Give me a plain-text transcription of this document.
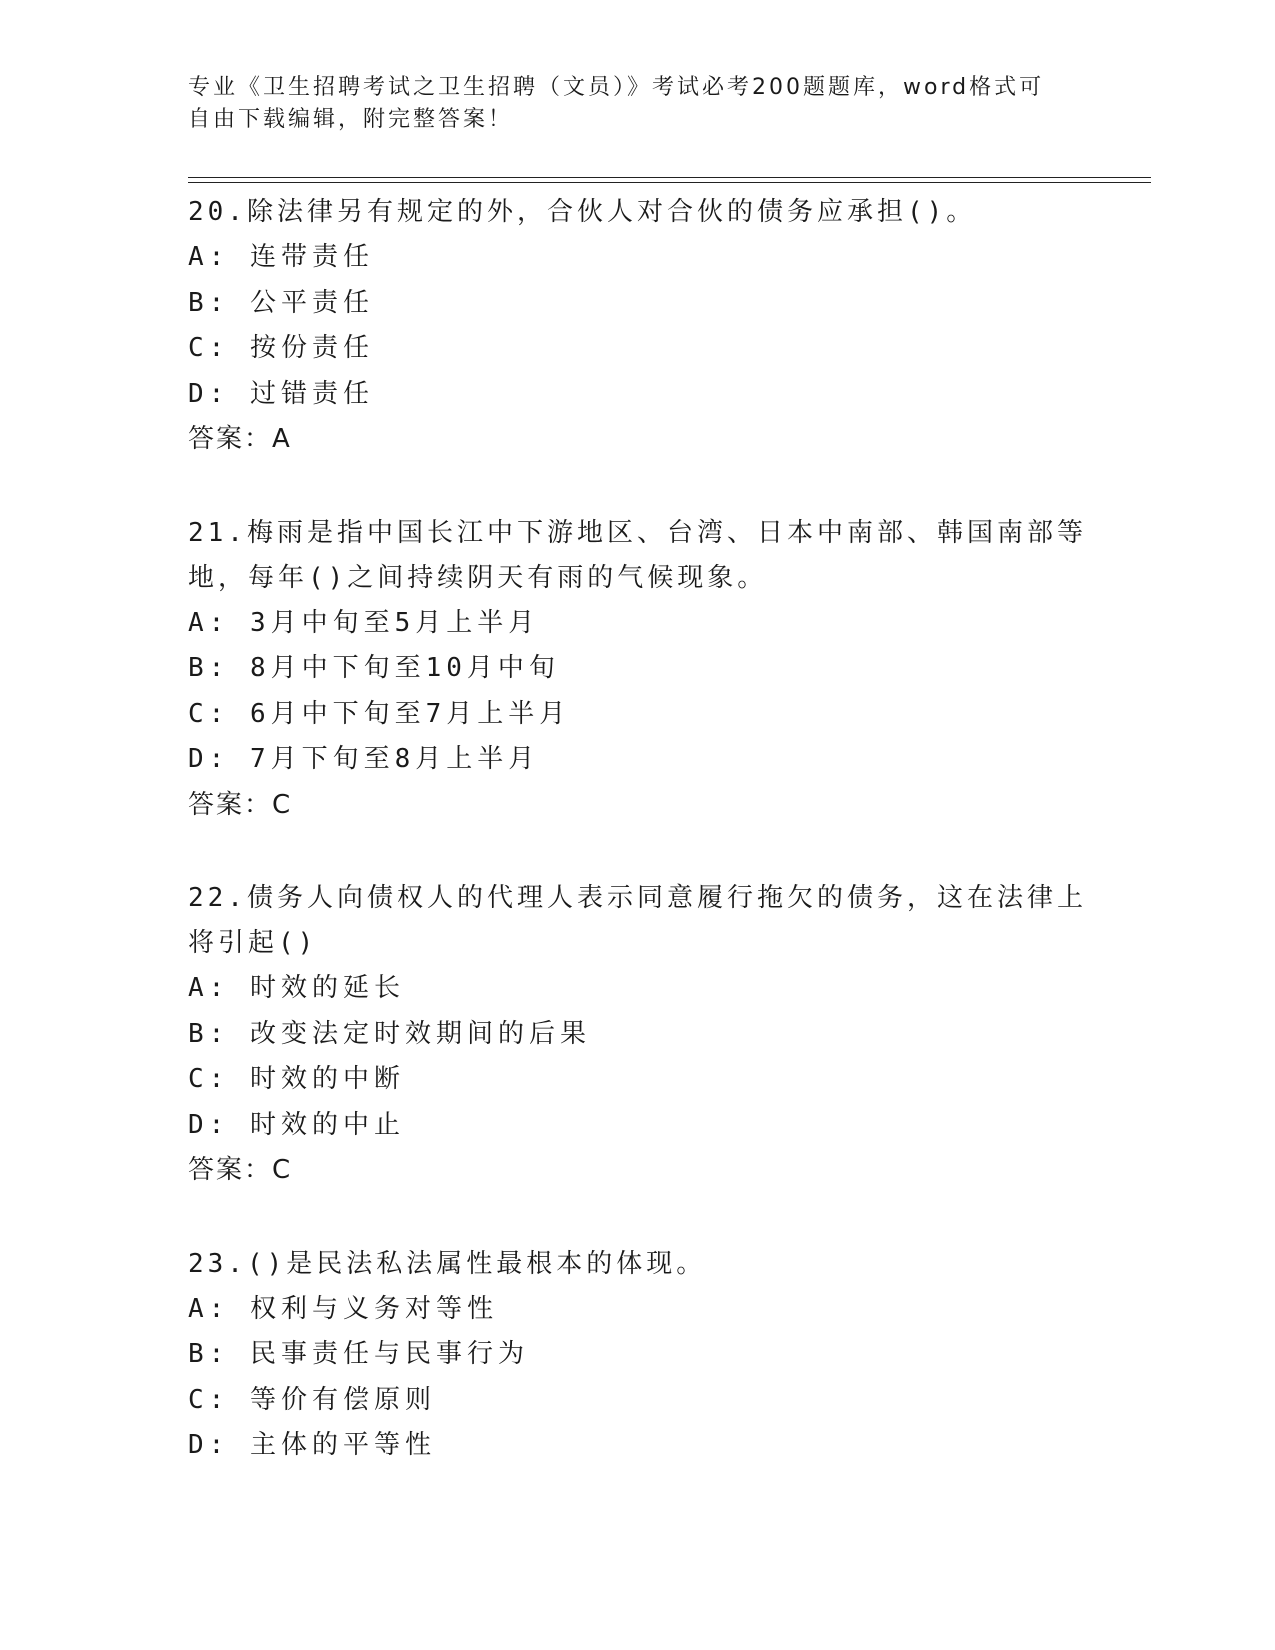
专业《卫生招聘考试之卫生招聘（文员）》考试必考200题题库，word格式可自由下载编辑，附完整答案！
20.除法律另有规定的外，合伙人对合伙的债务应承担()。
A: 连带责任
B: 公平责任
C: 按份责任
D: 过错责任
答案：A
21.梅雨是指中国长江中下游地区、台湾、日本中南部、韩国南部等地，每年()之间持续阴天有雨的气候现象。
A: 3月中旬至5月上半月
B: 8月中下旬至10月中旬
C: 6月中下旬至7月上半月
D: 7月下旬至8月上半月
答案：C
22.债务人向债权人的代理人表示同意履行拖欠的债务，这在法律上将引起()
A: 时效的延长
B: 改变法定时效期间的后果
C: 时效的中断
D: 时效的中止
答案：C
23.()是民法私法属性最根本的体现。
A: 权利与义务对等性
B: 民事责任与民事行为
C: 等价有偿原则
D: 主体的平等性
